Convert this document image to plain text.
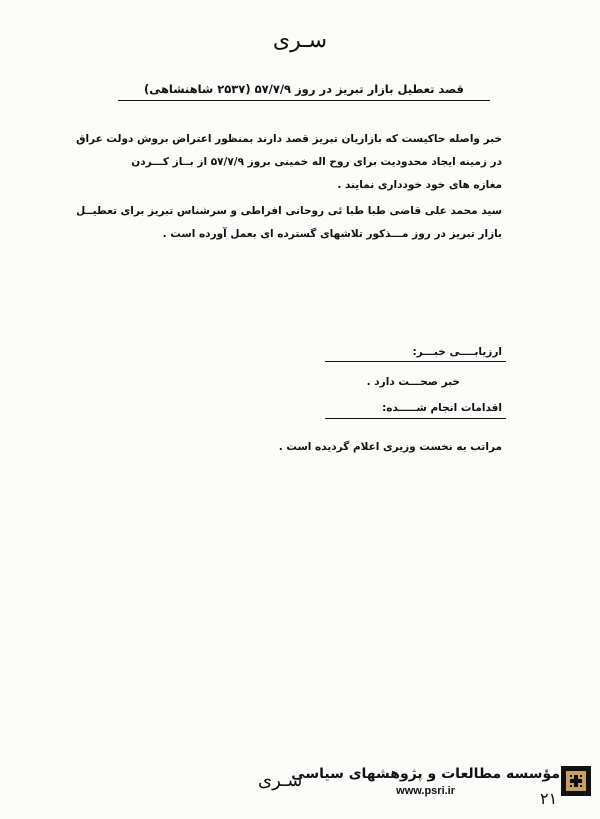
سـری
قصد تعطیل بازار تبریز در روز ۵۷/۷/۹ (۲۵۳۷ شاهنشاهی)
خبر واصله حاکیست که بازاریان تبریز قصد دارند بمنظور اعتراض بروش دولت عراق
در زمینه ایجاد محدودیت برای روح اله خمینی بروز ۵۷/۷/۹ از بــاز کـــردن
مغازه های خود خودداری نمایند .
سید محمد علی قاضی طبا طبا ئی روحانی افراطی و سرشناس تبریز برای تعطیــل
بازار تبریز در روز مـــذکور تلاشهای گسترده ای بعمل آورده است .
ارزیابــــی خبـــر:
خبر صحـــت دارد .
اقدامات انجام شـــــده:
مراتب به نخست وزیری اعلام گردیده است .
سـری
مؤسسه مطالعات و پژوهشهای سیاسی
www.psri.ir	۲۱
